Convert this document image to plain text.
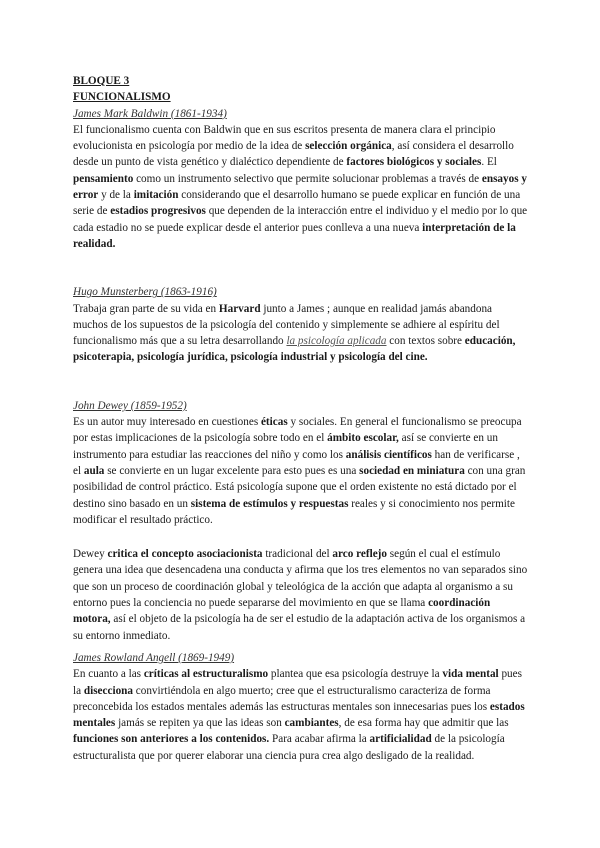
BLOQUE 3

FUNCIONALISMO

James Mark Baldwin (1861-1934)

El funcionalismo cuenta con Baldwin que en sus escritos presenta de manera clara el principio evolucionista en psicología por medio de la idea de selección orgánica, así considera el desarrollo desde un punto de vista genético y dialéctico dependiente de factores biológicos y sociales. El pensamiento como un instrumento selectivo que permite solucionar problemas a través de ensayos y error y de la imitación considerando que el desarrollo humano se puede explicar en función de una serie de estadios progresivos que dependen de la interacción entre el individuo y el medio por lo que cada estadio no se puede explicar desde el anterior pues conlleva a una nueva interpretación de la realidad.

Hugo Munsterberg (1863-1916)

Trabaja gran parte de su vida en Harvard junto a James ; aunque en realidad jamás abandona muchos de los supuestos de la psicología del contenido y simplemente se adhiere al espíritu del funcionalismo más que a su letra desarrollando la psicología aplicada con textos sobre educación, psicoterapia, psicología jurídica, psicología industrial y psicología del cine.

John Dewey (1859-1952)

Es un autor muy interesado en cuestiones éticas y sociales. En general el funcionalismo se preocupa por estas implicaciones de la psicología sobre todo en el ámbito escolar, así se convierte en un instrumento para estudiar las reacciones del niño y como los análisis científicos han de verificarse , el aula se convierte en un lugar excelente para esto pues es una sociedad en miniatura con una gran posibilidad de control práctico. Está psicología supone que el orden existente no está dictado por el destino sino basado en un sistema de estímulos y respuestas reales y si conocimiento nos permite modificar el resultado práctico.

Dewey critica el concepto asociacionista tradicional del arco reflejo según el cual el estímulo genera una idea que desencadena una conducta y afirma que los tres elementos no van separados sino que son un proceso de coordinación global y teleológica de la acción que adapta al organismo a su entorno pues la conciencia no puede separarse del movimiento en que se llama coordinación motora, así el objeto de la psicología ha de ser el estudio de la adaptación activa de los organismos a su entorno inmediato.

James Rowland Angell (1869-1949)

En cuanto a las críticas al estructuralismo plantea que esa psicología destruye la vida mental pues la disecciona convirtiéndola en algo muerto; cree que el estructuralismo caracteriza de forma preconcebida los estados mentales además las estructuras mentales son innecesarias pues los estados mentales jamás se repiten ya que las ideas son cambiantes, de esa forma hay que admitir que las funciones son anteriores a los contenidos. Para acabar afirma la artificialidad de la psicología estructuralista que por querer elaborar una ciencia pura crea algo desligado de la realidad.
